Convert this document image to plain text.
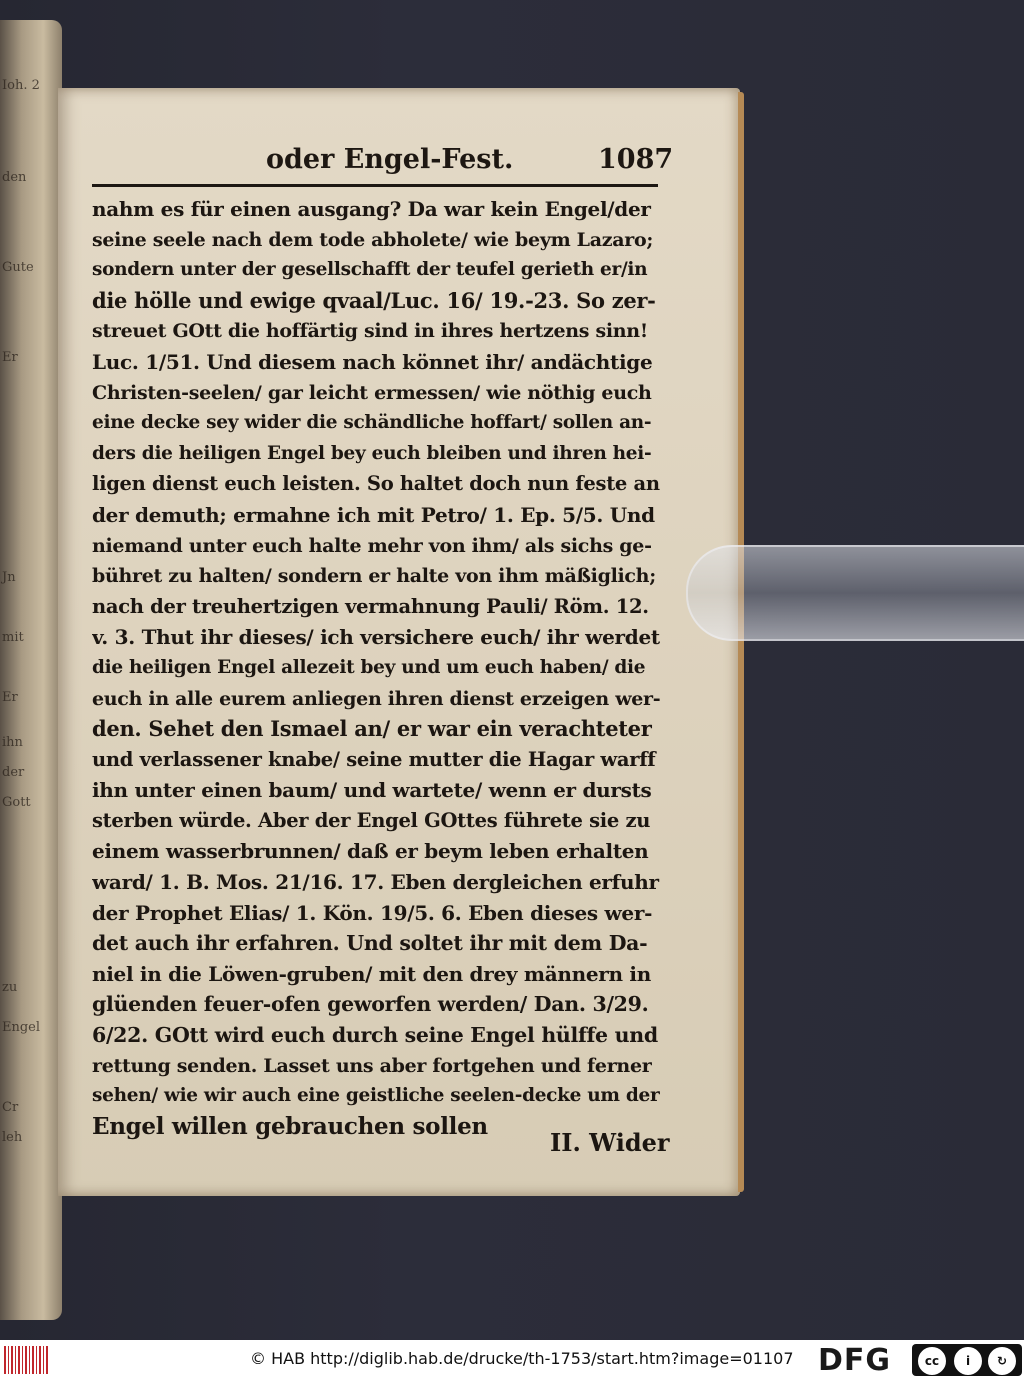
Ioh. 2
den
Gute
Er
Jn
mit
Er
ihn
der
Gott
zu
Engel
Cr
leh
oder Engel-Fest.	1087
nahm es für einen ausgang? Da war kein Engel/der
seine seele nach dem tode abholete/ wie beym Lazaro;
sondern unter der gesellschafft der teufel gerieth er/in
die hölle und ewige qvaal/Luc. 16/ 19.-23. So zer-
streuet GOtt die hoffärtig sind in ihres hertzens sinn!
Luc. 1/51. Und diesem nach könnet ihr/ andächtige
Christen-seelen/ gar leicht ermessen/ wie nöthig euch
eine decke sey wider die schändliche hoffart/ sollen an-
ders die heiligen Engel bey euch bleiben und ihren hei-
ligen dienst euch leisten. So haltet doch nun feste an
der demuth; ermahne ich mit Petro/ 1. Ep. 5/5. Und
niemand unter euch halte mehr von ihm/ als sichs ge-
bühret zu halten/ sondern er halte von ihm mäßiglich;
nach der treuhertzigen vermahnung Pauli/ Röm. 12.
v. 3. Thut ihr dieses/ ich versichere euch/ ihr werdet
die heiligen Engel allezeit bey und um euch haben/ die
euch in alle eurem anliegen ihren dienst erzeigen wer-
den. Sehet den Ismael an/ er war ein verachteter
und verlassener knabe/ seine mutter die Hagar warff
ihn unter einen baum/ und wartete/ wenn er dursts
sterben würde. Aber der Engel GOttes führete sie zu
einem wasserbrunnen/ daß er beym leben erhalten
ward/ 1. B. Mos. 21/16. 17. Eben dergleichen erfuhr
der Prophet Elias/ 1. Kön. 19/5. 6. Eben dieses wer-
det auch ihr erfahren. Und soltet ihr mit dem Da-
niel in die Löwen-gruben/ mit den drey männern in
glüenden feuer-ofen geworfen werden/ Dan. 3/29.
6/22. GOtt wird euch durch seine Engel hülffe und
rettung senden. Lasset uns aber fortgehen und ferner
sehen/ wie wir auch eine geistliche seelen-decke um der
Engel willen gebrauchen sollen
II. Wider
© HAB http://diglib.hab.de/drucke/th-1753/start.htm?image=01107 DFG	cc	i
BY
↻
SA
